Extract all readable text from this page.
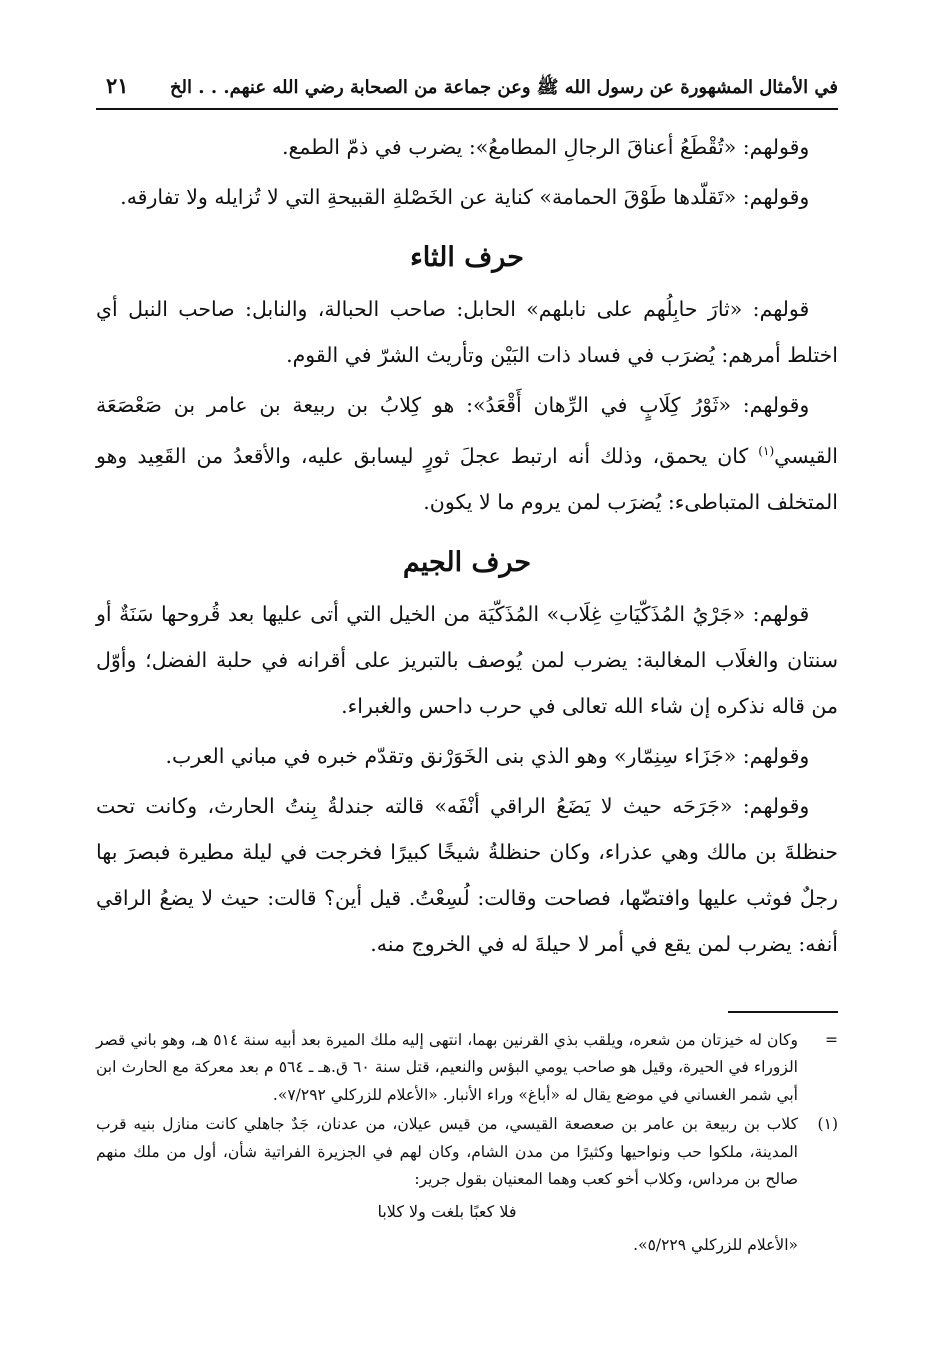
في الأمثال المشهورة عن رسول الله ﷺ وعن جماعة من الصحابة رضي الله عنهم. . . الخ
٢١

وقولهم: «تُقْطَعُ أعناقَ الرجالِ المطامعُ»: يضرب في ذمّ الطمع.

وقولهم: «تَقلّدها طَوْقَ الحمامة» كناية عن الخَصْلةِ القبيحةِ التي لا تُزايله ولا تفارقه.

حرف الثاء

قولهم: «ثارَ حابِلُهم على نابلهم» الحابل: صاحب الحبالة، والنابل: صاحب النبل أي اختلط أمرهم: يُضرَب في فساد ذات البَيْن وتأريث الشرّ في القوم.

وقولهم: «ثَوْرُ كِلَابٍ في الرِّهان أَقْعَدُ»: هو كِلابُ بن ربيعة بن عامر بن صَعْصَعَة القيسي$^{(١)}$ كان يحمق، وذلك أنه ارتبط عجلَ ثورٍ ليسابق عليه، والأقعدُ من القَعِيد وهو المتخلف المتباطىء: يُضرَب لمن يروم ما لا يكون.

حرف الجيم

قولهم: «جَرْيُ المُذَكّيَاتِ غِلَاب» المُذَكّيَة من الخيل التي أتى عليها بعد قُروحها سَنَةٌ أو سنتان والغلَاب المغالبة: يضرب لمن يُوصف بالتبريز على أقرانه في حلبة الفضل؛ وأوّل من قاله نذكره إن شاء الله تعالى في حرب داحس والغبراء.

وقولهم: «جَزَاء سِنِمّار» وهو الذي بنى الخَوَرْنق وتقدّم خبره في مباني العرب.

وقولهم: «جَرَحَه حيث لا يَضَعُ الراقي أنْفَه» قالته جندلةُ بِنتُ الحارث، وكانت تحت حنظلةَ بن مالك وهي عذراء، وكان حنظلةُ شيخًا كبيرًا فخرجت في ليلة مطيرة فبصرَ بها رجلٌ فوثب عليها وافتضّها، فصاحت وقالت: لُسِعْتُ. قيل أين؟ قالت: حيث لا يضعُ الراقي أنفه: يضرب لمن يقع في أمر لا حيلةَ له في الخروج منه.

=
وكان له خيزتان من شعره، ويلقب بذي القرنين بهما، انتهى إليه ملك الميرة بعد أبيه سنة ٥١٤ هـ، وهو باني قصر الزوراء في الحيرة، وقيل هو صاحب يومي البؤس والنعيم، قتل سنة ٦٠ ق.هـ ـ ٥٦٤ م بعد معركة مع الحارث ابن أبي شمر الغساني في موضع يقال له «أباغ» وراء الأنبار. «الأعلام للزركلي ٧/٢٩٢».
(١)
كلاب بن ربيعة بن عامر بن صعصعة القيسي، من قيس عيلان، من عدنان، جَدٌ جاهلي كانت منازل بنيه قرب المدينة، ملكوا حب ونواحيها وكثيرًا من مدن الشام، وكان لهم في الجزيرة الفراتية شأن، أول من ملك منهم صالح بن مرداس، وكلاب أخو كعب وهما المعنيان بقول جرير:
فلا كعبًا بلغت ولا كلابا
«الأعلام للزركلي ٥/٢٢٩».
